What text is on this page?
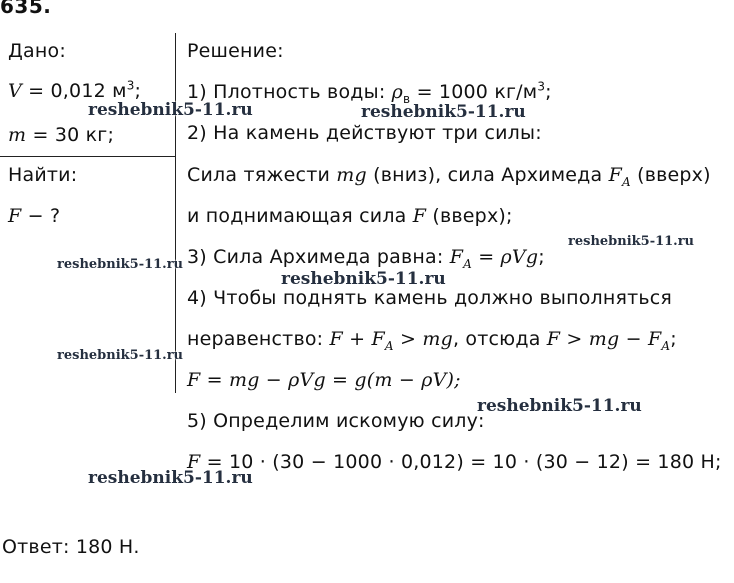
635.
Дано:
V = 0,012 $м^3$;
m = 30 кг;
Найти:
F − ?
Решение:
1) Плотность воды: $\rho_в = 1000$ $кг/м^3$;
2) На камень действуют три силы:
Сила тяжести mg (вниз), сила Архимеда $F_A$ (вверх)
и поднимающая сила F (вверх);
3) Сила Архимеда равна: $F_A = \rho Vg$;
4) Чтобы поднять камень должно выполняться
неравенство: $F + F_A$ > mg, отсюда F > mg − $F_A$;
F = mg − ρVg = g(m − ρV);
5) Определим искомую силу:
F = 10 · (30 − 1000 · 0,012) = 10 · (30 − 12) = 180 Н;
Ответ: 180 Н.
reshebnik5-11.ru	reshebnik5-11.ru
reshebnik5-11.ru
reshebnik5-11.ru
reshebnik5-11.ru
reshebnik5-11.ru
reshebnik5-11.ru
reshebnik5-11.ru
